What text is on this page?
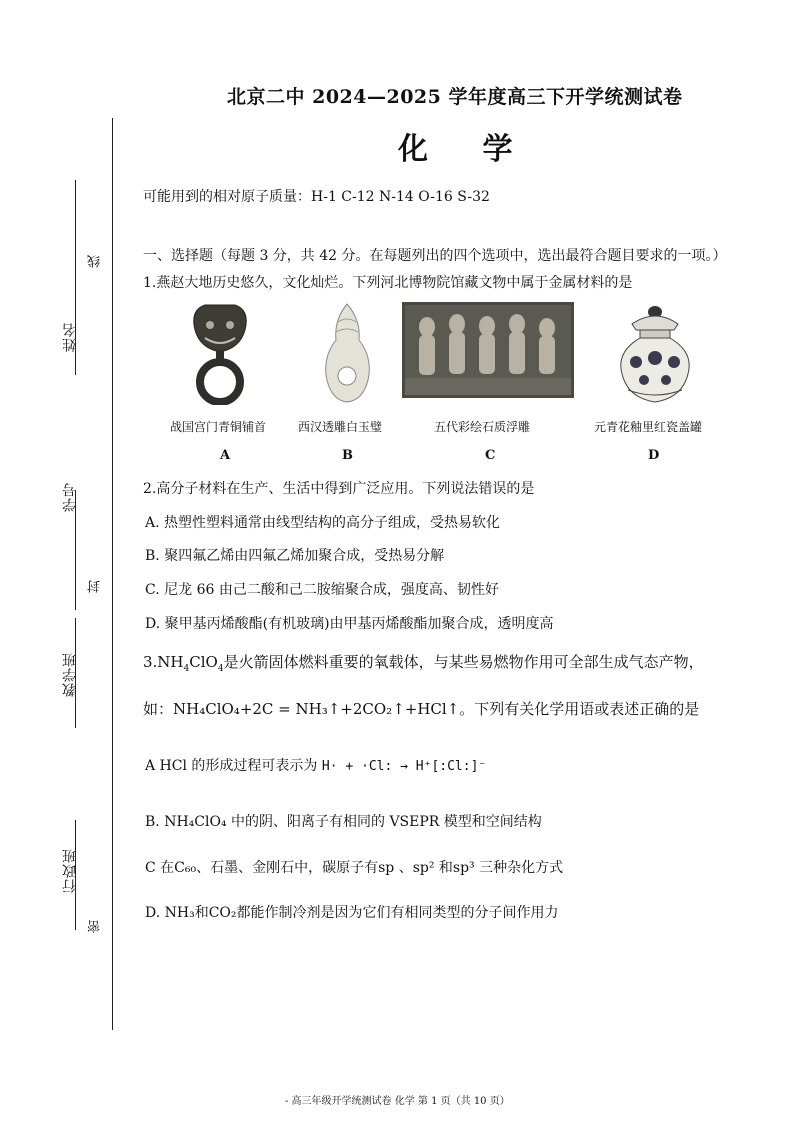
姓名
学号
教学班
行政班
线
封
密
北京二中 2024—2025 学年度高三下开学统测试卷
化 学
可能用到的相对原子质量：H-1 C-12 N-14 O-16 S-32
一、选择题（每题 3 分，共 42 分。在每题列出的四个选项中，选出最符合题目要求的一项。）
1.燕赵大地历史悠久，文化灿烂。下列河北博物院馆藏文物中属于金属材料的是
战国宫门青铜铺首
A
西汉透雕白玉璧
B
五代彩绘石质浮雕
C
元青花釉里红瓷盖罐
D
2.高分子材料在生产、生活中得到广泛应用。下列说法错误的是
A. 热塑性塑料通常由线型结构的高分子组成，受热易软化
B. 聚四氟乙烯由四氟乙烯加聚合成，受热易分解
C. 尼龙 66 由己二酸和己二胺缩聚合成，强度高、韧性好
D. 聚甲基丙烯酸酯(有机玻璃)由甲基丙烯酸酯加聚合成，透明度高
$3.NH_4ClO_4$是火箭固体燃料重要的氧载体，与某些易燃物作用可全部生成气态产物，
如：NH₄ClO₄+2C = NH₃↑+2CO₂↑+HCl↑。下列有关化学用语或表述正确的是
A HCl 的形成过程可表示为 H· + ·Cl: → H⁺[:Cl:]⁻
B. NH₄ClO₄ 中的阴、阳离子有相同的 VSEPR 模型和空间结构
C 在C₆₀、石墨、金刚石中，碳原子有sp 、sp² 和sp³ 三种杂化方式
D. NH₃和CO₂都能作制冷剂是因为它们有相同类型的分子间作用力
- 高三年级开学统测试卷 化学 第 1 页（共 10 页）
